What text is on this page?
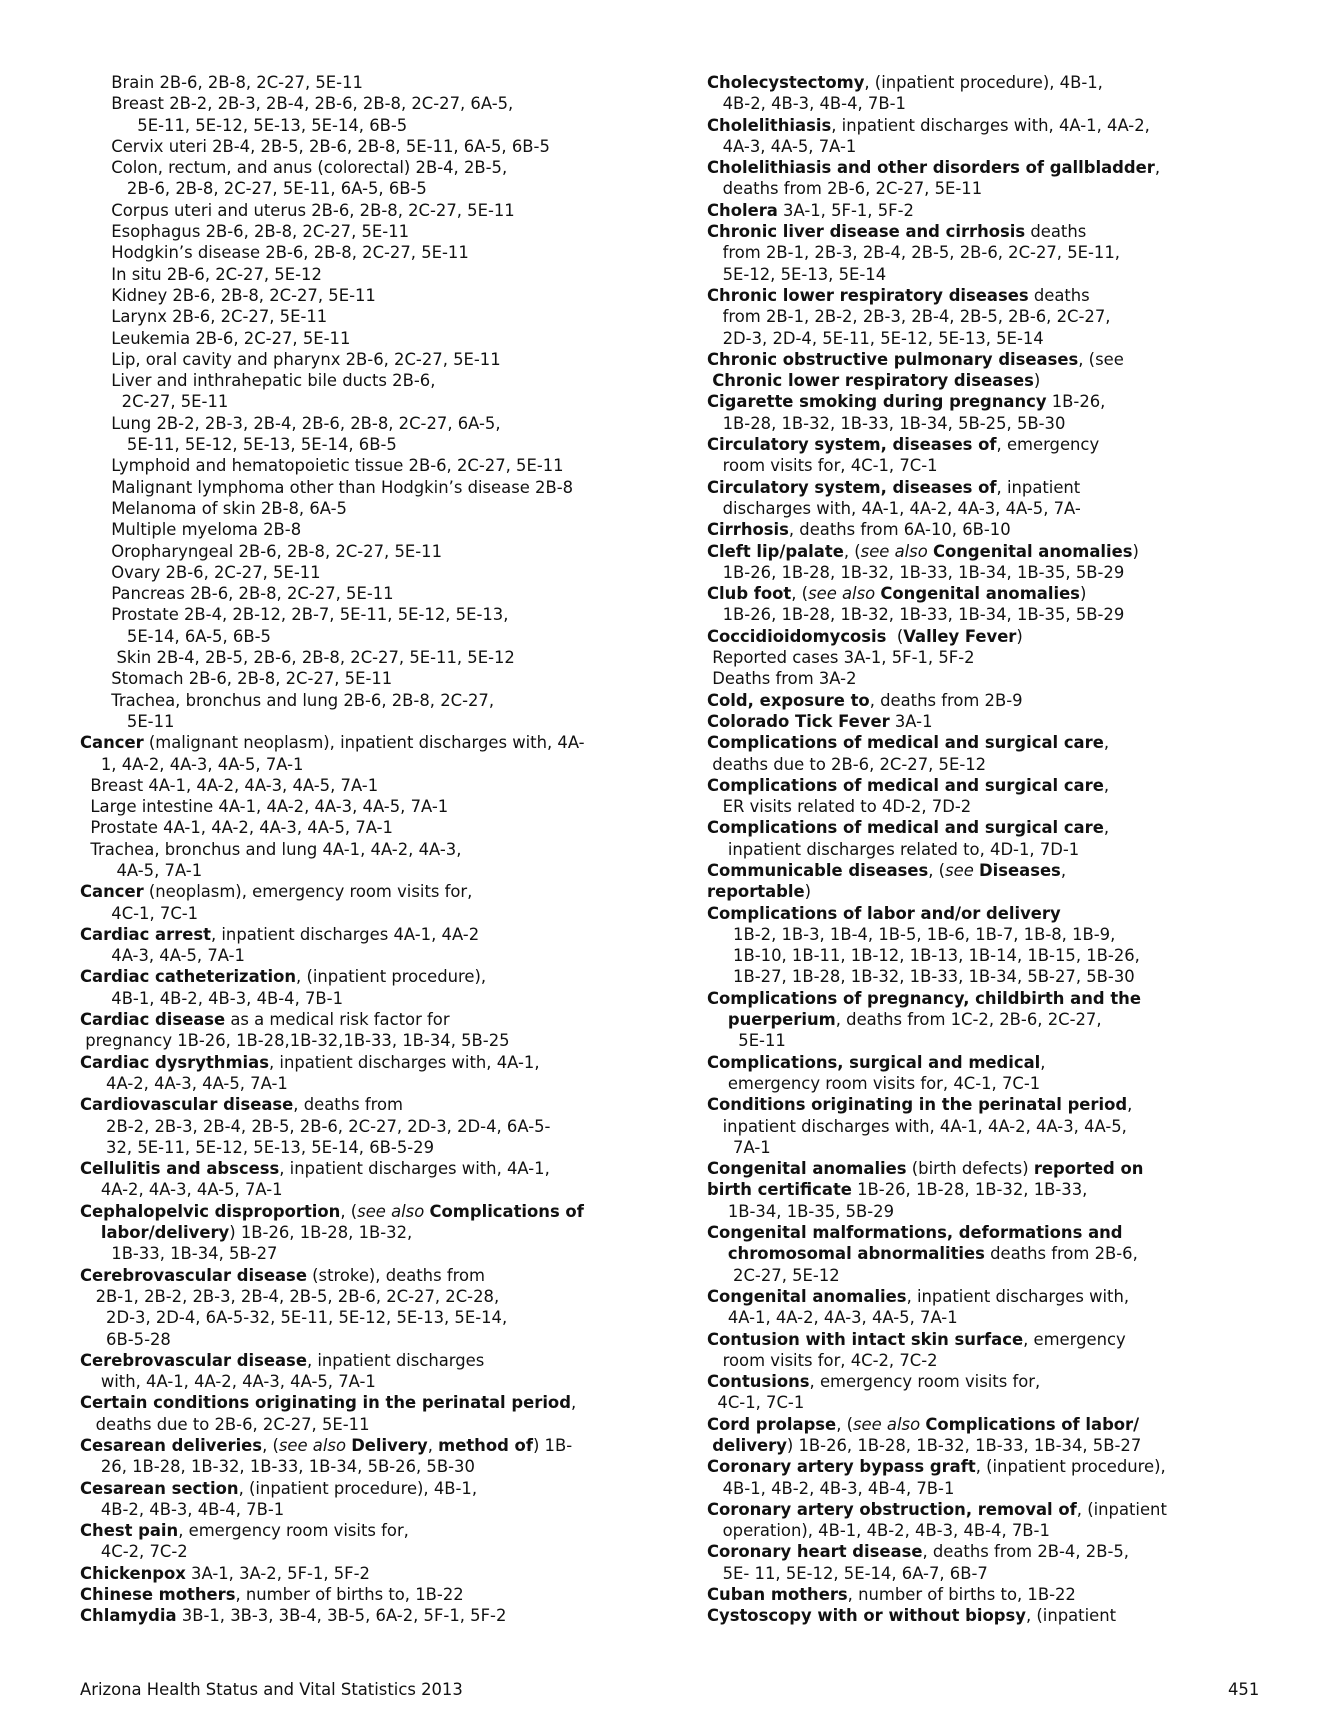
Brain 2B-6, 2B-8, 2C-27, 5E-11
Breast 2B-2, 2B-3, 2B-4, 2B-6, 2B-8, 2C-27, 6A-5,
5E-11, 5E-12, 5E-13, 5E-14, 6B-5
Cervix uteri 2B-4, 2B-5, 2B-6, 2B-8, 5E-11, 6A-5, 6B-5
Colon, rectum, and anus (colorectal) 2B-4, 2B-5,
2B-6, 2B-8, 2C-27, 5E-11, 6A-5, 6B-5
Corpus uteri and uterus 2B-6, 2B-8, 2C-27, 5E-11
Esophagus 2B-6, 2B-8, 2C-27, 5E-11
Hodgkin’s disease 2B-6, 2B-8, 2C-27, 5E-11
In situ 2B-6, 2C-27, 5E-12
Kidney 2B-6, 2B-8, 2C-27, 5E-11
Larynx 2B-6, 2C-27, 5E-11
Leukemia 2B-6, 2C-27, 5E-11
Lip, oral cavity and pharynx 2B-6, 2C-27, 5E-11
Liver and inthrahepatic bile ducts 2B-6,
2C-27, 5E-11
Lung 2B-2, 2B-3, 2B-4, 2B-6, 2B-8, 2C-27, 6A-5,
5E-11, 5E-12, 5E-13, 5E-14, 6B-5
Lymphoid and hematopoietic tissue 2B-6, 2C-27, 5E-11
Malignant lymphoma other than Hodgkin’s disease 2B-8
Melanoma of skin 2B-8, 6A-5
Multiple myeloma 2B-8
Oropharyngeal 2B-6, 2B-8, 2C-27, 5E-11
Ovary 2B-6, 2C-27, 5E-11
Pancreas 2B-6, 2B-8, 2C-27, 5E-11
Prostate 2B-4, 2B-12, 2B-7, 5E-11, 5E-12, 5E-13,
5E-14, 6A-5, 6B-5
Skin 2B-4, 2B-5, 2B-6, 2B-8, 2C-27, 5E-11, 5E-12
Stomach 2B-6, 2B-8, 2C-27, 5E-11
Trachea, bronchus and lung 2B-6, 2B-8, 2C-27,
5E-11
Cancer (malignant neoplasm), inpatient discharges with, 4A-
1, 4A-2, 4A-3, 4A-5, 7A-1
Breast 4A-1, 4A-2, 4A-3, 4A-5, 7A-1
Large intestine 4A-1, 4A-2, 4A-3, 4A-5, 7A-1
Prostate 4A-1, 4A-2, 4A-3, 4A-5, 7A-1
Trachea, bronchus and lung 4A-1, 4A-2, 4A-3,
4A-5, 7A-1
Cancer (neoplasm), emergency room visits for,
4C-1, 7C-1
Cardiac arrest, inpatient discharges 4A-1, 4A-2
4A-3, 4A-5, 7A-1
Cardiac catheterization, (inpatient procedure),
4B-1, 4B-2, 4B-3, 4B-4, 7B-1
Cardiac disease as a medical risk factor for
pregnancy 1B-26, 1B-28,1B-32,1B-33, 1B-34, 5B-25
Cardiac dysrythmias, inpatient discharges with, 4A-1,
4A-2, 4A-3, 4A-5, 7A-1
Cardiovascular disease, deaths from
2B-2, 2B-3, 2B-4, 2B-5, 2B-6, 2C-27, 2D-3, 2D-4, 6A-5-
32, 5E-11, 5E-12, 5E-13, 5E-14, 6B-5-29
Cellulitis and abscess, inpatient discharges with, 4A-1,
4A-2, 4A-3, 4A-5, 7A-1
Cephalopelvic disproportion, (see also Complications of
labor/delivery) 1B-26, 1B-28, 1B-32,
1B-33, 1B-34, 5B-27
Cerebrovascular disease (stroke), deaths from
2B-1, 2B-2, 2B-3, 2B-4, 2B-5, 2B-6, 2C-27, 2C-28,
2D-3, 2D-4, 6A-5-32, 5E-11, 5E-12, 5E-13, 5E-14,
6B-5-28
Cerebrovascular disease, inpatient discharges
with, 4A-1, 4A-2, 4A-3, 4A-5, 7A-1
Certain conditions originating in the perinatal period,
deaths due to 2B-6, 2C-27, 5E-11
Cesarean deliveries, (see also Delivery, method of) 1B-
26, 1B-28, 1B-32, 1B-33, 1B-34, 5B-26, 5B-30
Cesarean section, (inpatient procedure), 4B-1,
4B-2, 4B-3, 4B-4, 7B-1
Chest pain, emergency room visits for,
4C-2, 7C-2
Chickenpox 3A-1, 3A-2, 5F-1, 5F-2
Chinese mothers, number of births to, 1B-22
Chlamydia 3B-1, 3B-3, 3B-4, 3B-5, 6A-2, 5F-1, 5F-2
Cholecystectomy, (inpatient procedure), 4B-1,
4B-2, 4B-3, 4B-4, 7B-1
Cholelithiasis, inpatient discharges with, 4A-1, 4A-2,
4A-3, 4A-5, 7A-1
Cholelithiasis and other disorders of gallbladder,
deaths from 2B-6, 2C-27, 5E-11
Cholera 3A-1, 5F-1, 5F-2
Chronic liver disease and cirrhosis deaths
from 2B-1, 2B-3, 2B-4, 2B-5, 2B-6, 2C-27, 5E-11,
5E-12, 5E-13, 5E-14
Chronic lower respiratory diseases deaths
from 2B-1, 2B-2, 2B-3, 2B-4, 2B-5, 2B-6, 2C-27,
2D-3, 2D-4, 5E-11, 5E-12, 5E-13, 5E-14
Chronic obstructive pulmonary diseases, (see
Chronic lower respiratory diseases)
Cigarette smoking during pregnancy 1B-26,
1B-28, 1B-32, 1B-33, 1B-34, 5B-25, 5B-30
Circulatory system, diseases of, emergency
room visits for, 4C-1, 7C-1
Circulatory system, diseases of, inpatient
discharges with, 4A-1, 4A-2, 4A-3, 4A-5, 7A-
Cirrhosis, deaths from 6A-10, 6B-10
Cleft lip/palate, (see also Congenital anomalies)
1B-26, 1B-28, 1B-32, 1B-33, 1B-34, 1B-35, 5B-29
Club foot, (see also Congenital anomalies)
1B-26, 1B-28, 1B-32, 1B-33, 1B-34, 1B-35, 5B-29
Coccidioidomycosis  (Valley Fever)
Reported cases 3A-1, 5F-1, 5F-2
Deaths from 3A-2
Cold, exposure to, deaths from 2B-9
Colorado Tick Fever 3A-1
Complications of medical and surgical care,
deaths due to 2B-6, 2C-27, 5E-12
Complications of medical and surgical care,
ER visits related to 4D-2, 7D-2
Complications of medical and surgical care,
inpatient discharges related to, 4D-1, 7D-1
Communicable diseases, (see Diseases,
reportable)
Complications of labor and/or delivery
1B-2, 1B-3, 1B-4, 1B-5, 1B-6, 1B-7, 1B-8, 1B-9,
1B-10, 1B-11, 1B-12, 1B-13, 1B-14, 1B-15, 1B-26,
1B-27, 1B-28, 1B-32, 1B-33, 1B-34, 5B-27, 5B-30
Complications of pregnancy, childbirth and the
puerperium, deaths from 1C-2, 2B-6, 2C-27,
5E-11
Complications, surgical and medical,
emergency room visits for, 4C-1, 7C-1
Conditions originating in the perinatal period,
inpatient discharges with, 4A-1, 4A-2, 4A-3, 4A-5,
7A-1
Congenital anomalies (birth defects) reported on
birth certificate 1B-26, 1B-28, 1B-32, 1B-33,
1B-34, 1B-35, 5B-29
Congenital malformations, deformations and
chromosomal abnormalities deaths from 2B-6,
2C-27, 5E-12
Congenital anomalies, inpatient discharges with,
4A-1, 4A-2, 4A-3, 4A-5, 7A-1
Contusion with intact skin surface, emergency
room visits for, 4C-2, 7C-2
Contusions, emergency room visits for,
4C-1, 7C-1
Cord prolapse, (see also Complications of labor/
delivery) 1B-26, 1B-28, 1B-32, 1B-33, 1B-34, 5B-27
Coronary artery bypass graft, (inpatient procedure),
4B-1, 4B-2, 4B-3, 4B-4, 7B-1
Coronary artery obstruction, removal of, (inpatient
operation), 4B-1, 4B-2, 4B-3, 4B-4, 7B-1
Coronary heart disease, deaths from 2B-4, 2B-5,
5E- 11, 5E-12, 5E-14, 6A-7, 6B-7
Cuban mothers, number of births to, 1B-22
Cystoscopy with or without biopsy, (inpatient
Arizona Health Status and Vital Statistics 2013	451
